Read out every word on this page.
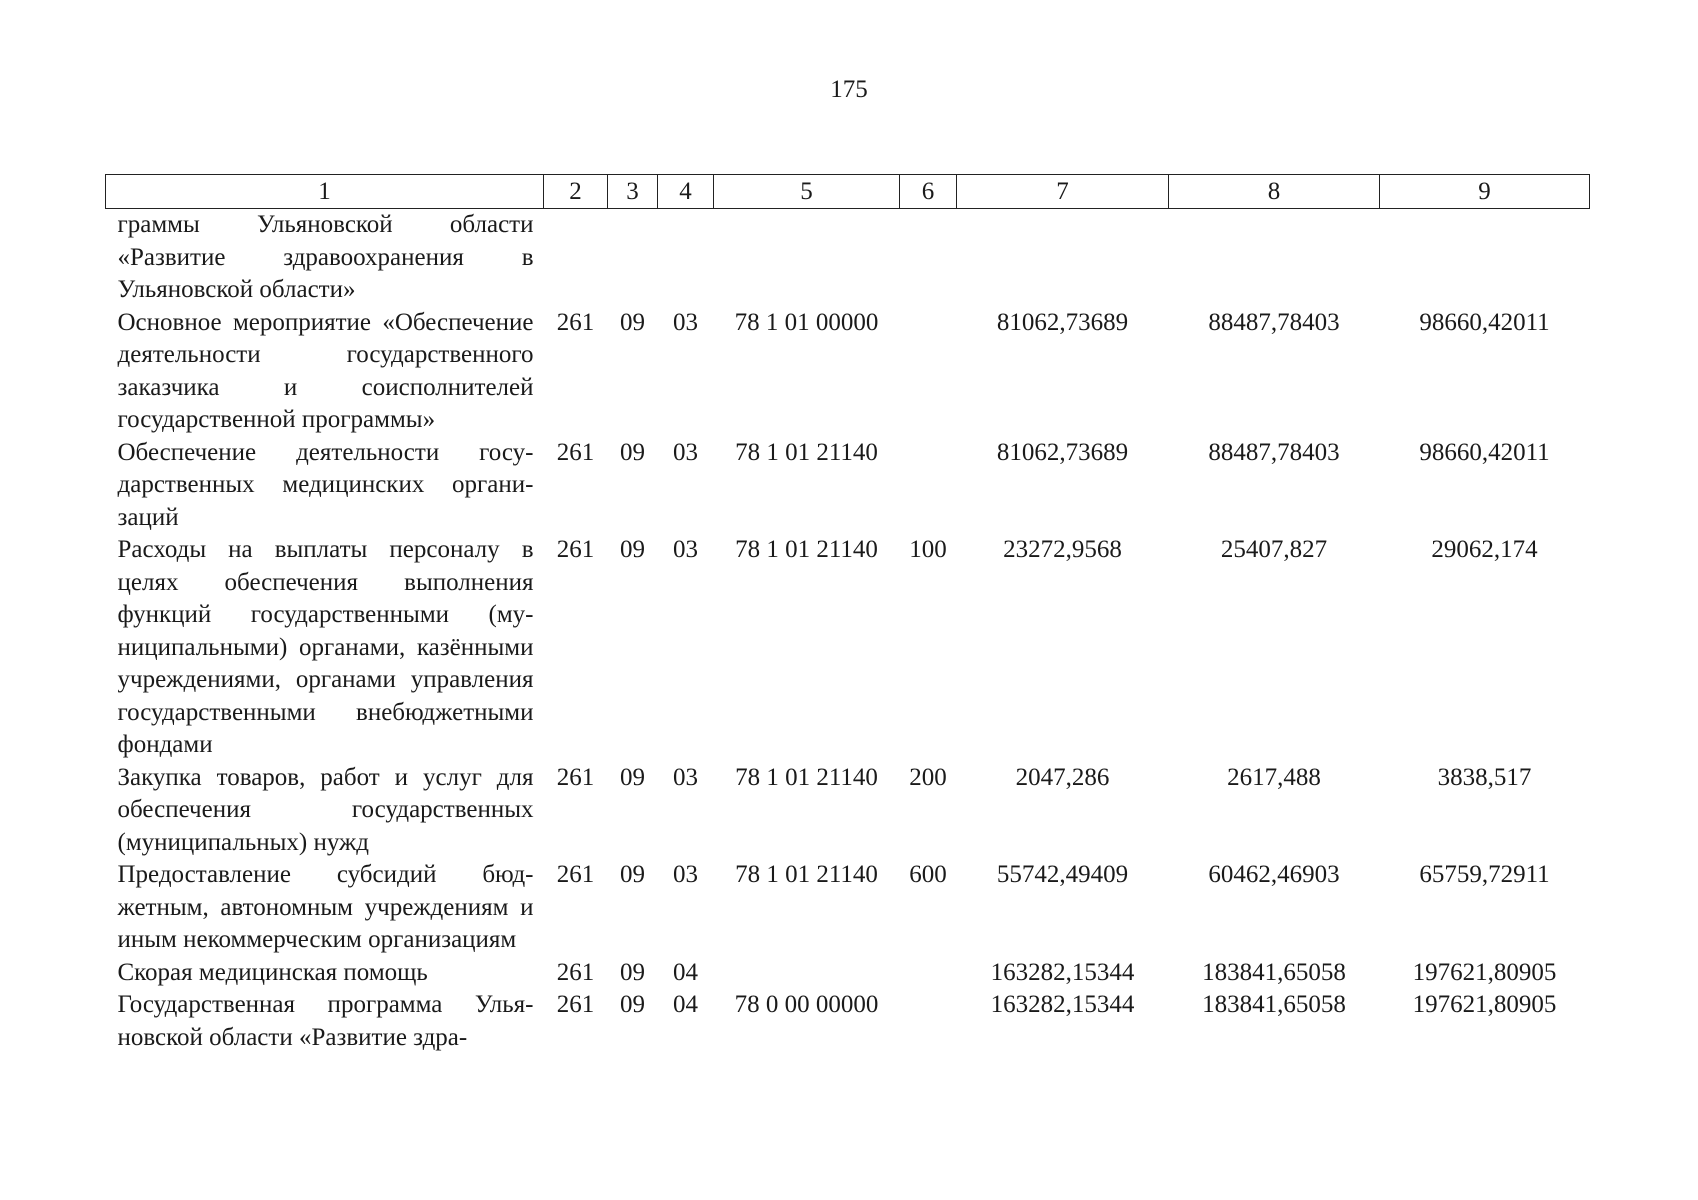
175
1	2	3	4	5	6	7	8	9
граммы Ульяновской области «Развитие здравоохранения в Ульяновской области»								
Основное мероприятие «Обеспечение деятельности государственного заказчика и соисполнителей государственной программы»	261	09	03	78 1 01 00000		81062,73689	88487,78403	98660,42011
Обеспечение деятельности государственных медицинских организаций	261	09	03	78 1 01 21140		81062,73689	88487,78403	98660,42011
Расходы на выплаты персоналу в целях обеспечения выполнения функций государственными (муниципальными) органами, казёнными учреждениями, органами управления государственными внебюджетными фондами	261	09	03	78 1 01 21140	100	23272,9568	25407,827	29062,174
Закупка товаров, работ и услуг для обеспечения государственных (муниципальных) нужд	261	09	03	78 1 01 21140	200	2047,286	2617,488	3838,517
Предоставление субсидий бюджетным, автономным учреждениям и иным некоммерческим организациям	261	09	03	78 1 01 21140	600	55742,49409	60462,46903	65759,72911
Скорая медицинская помощь	261	09	04			163282,15344	183841,65058	197621,80905
Государственная программа Ульяновской области «Развитие здра-	261	09	04	78 0 00 00000		163282,15344	183841,65058	197621,80905
